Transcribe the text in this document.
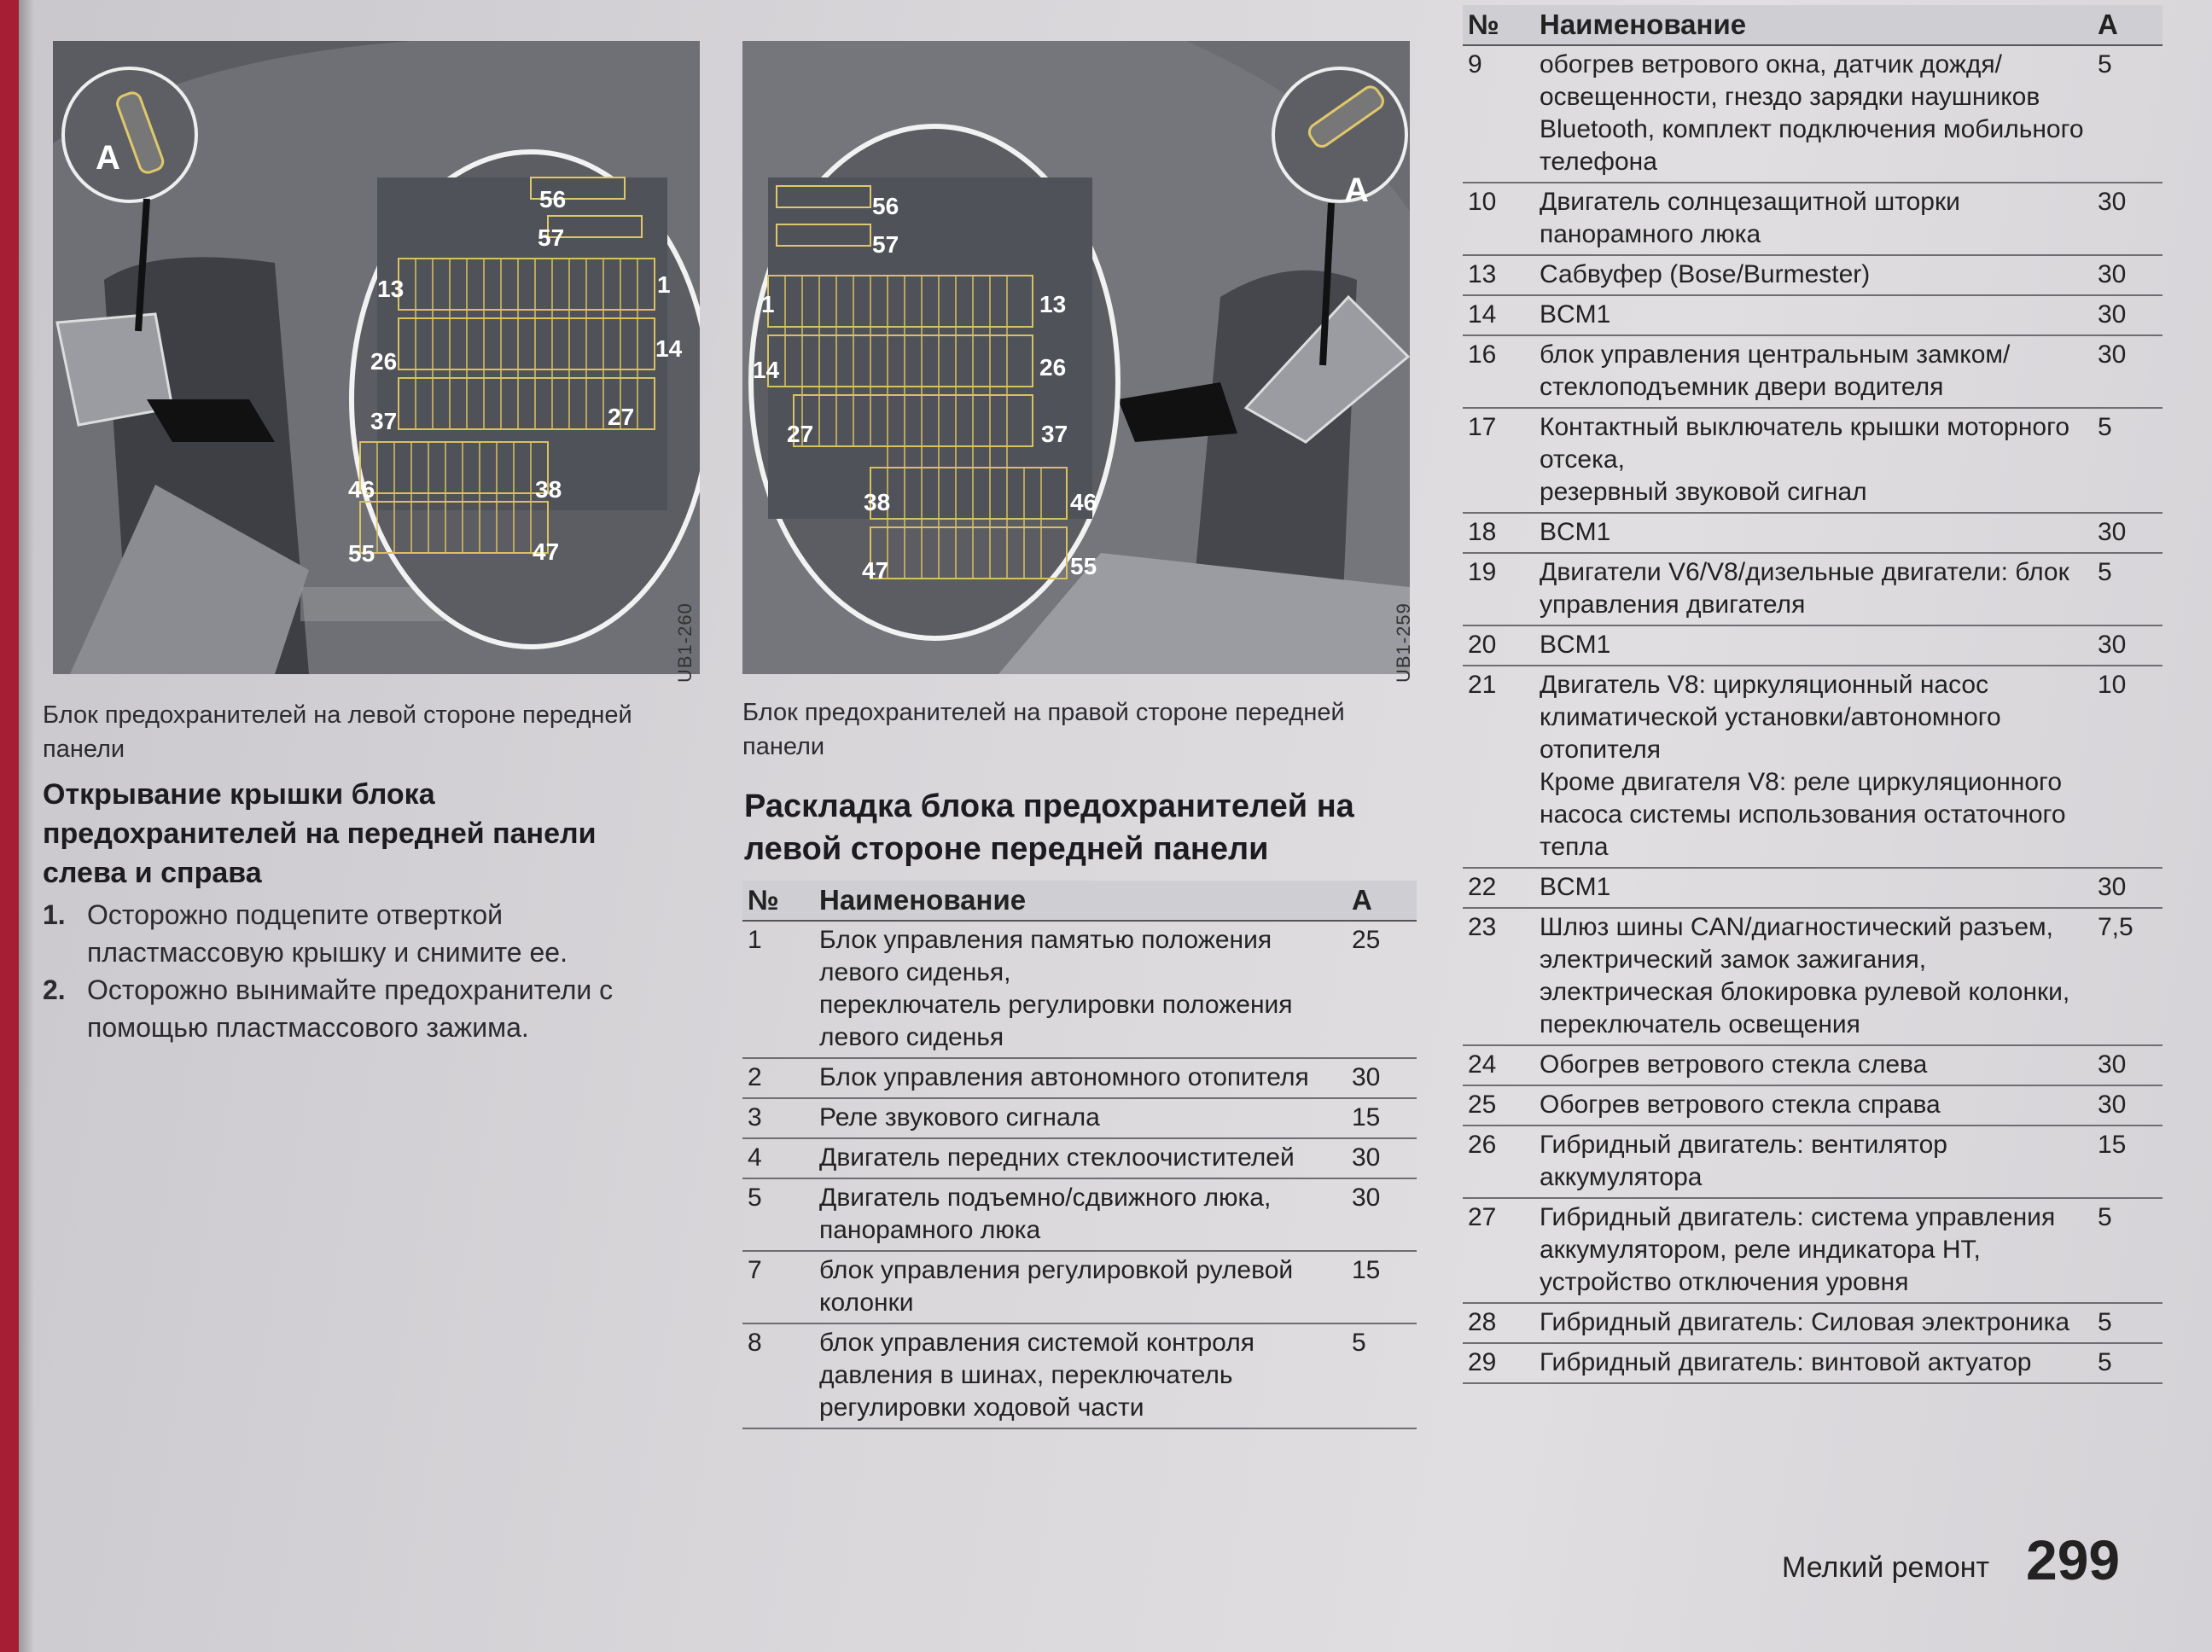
A
56
57
13	1
26	14
37	27
46	38
55	47
UB1-260
Блок предохранителей на левой стороне передней панели
A
56
57
1	13
14	26
27	37
38	46
47	55
UB1-259
Блок предохранителей на правой стороне передней панели
Открывание крышки блока предохранителей на передней панели слева и справа
1. Осторожно подцепите отверткой пластмассовую крышку и снимите ее.
2. Осторожно вынимайте предохранители с помощью пластмассового зажима.
Раскладка блока предохранителей на левой стороне передней панели
№	Наименование	A
1	Блок управления памятью положения левого сиденья,
переключатель регулировки положения левого сиденья	25
2	Блок управления автономного отопителя	30
3	Реле звукового сигнала	15
4	Двигатель передних стеклоочистителей	30
5	Двигатель подъемно/сдвижного люка, панорамного люка	30
7	блок управления регулировкой рулевой колонки	15
8	блок управления системой контроля давления в шинах, переключатель регулировки ходовой части	5
№	Наименование	A
9	обогрев ветрового окна, датчик дождя/ освещенности, гнездо зарядки наушников Bluetooth, комплект подключения мобильного телефона	5
10	Двигатель солнцезащитной шторки панорамного люка	30
13	Сабвуфер (Bose/Burmester)	30
14	BCM1	30
16	блок управления центральным замком/ стеклоподъемник двери водителя	30
17	Контактный выключатель крышки моторного отсека,
резервный звуковой сигнал	5
18	BCM1	30
19	Двигатели V6/V8/дизельные двигатели: блок управления двигателя	5
20	BCM1	30
21	Двигатель V8: циркуляционный насос климатической установки/автономного отопителя
Кроме двигателя V8: реле циркуляционного насоса системы использования остаточного тепла	10
22	BCM1	30
23	Шлюз шины CAN/диагностический разъем, электрический замок зажигания, электрическая блокировка рулевой колонки, переключатель освещения	7,5
24	Обогрев ветрового стекла слева	30
25	Обогрев ветрового стекла справа	30
26	Гибридный двигатель: вентилятор аккумулятора	15
27	Гибридный двигатель: система управления аккумулятором, реле индикатора НТ, устройство отключения уровня	5
28	Гибридный двигатель: Силовая электроника	5
29	Гибридный двигатель: винтовой актуатор	5
Мелкий ремонт 299
